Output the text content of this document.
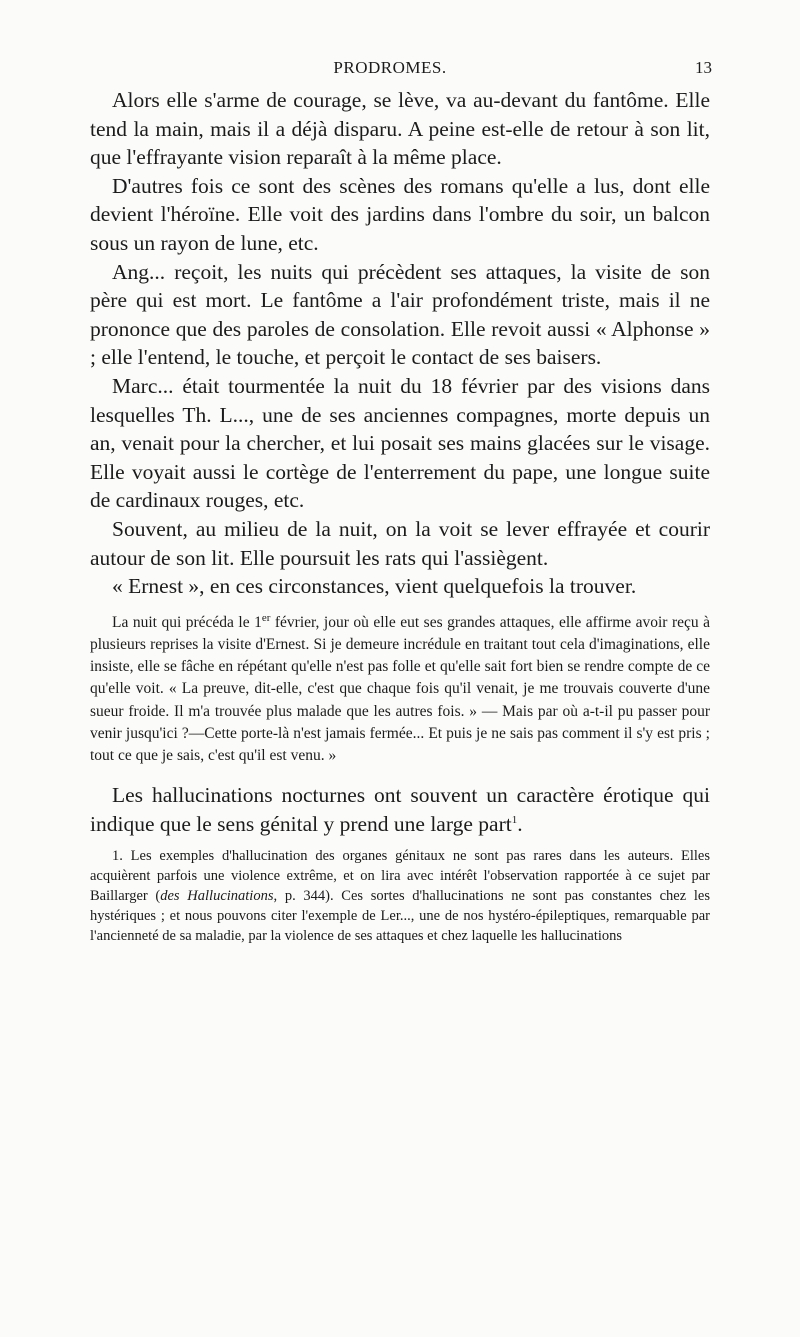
PRODROMES.	13

Alors elle s'arme de courage, se lève, va au-devant du fantôme. Elle tend la main, mais il a déjà disparu. A peine est-elle de retour à son lit, que l'effrayante vision reparaît à la même place.

D'autres fois ce sont des scènes des romans qu'elle a lus, dont elle devient l'héroïne. Elle voit des jardins dans l'ombre du soir, un balcon sous un rayon de lune, etc.

Ang... reçoit, les nuits qui précèdent ses attaques, la visite de son père qui est mort. Le fantôme a l'air profondément triste, mais il ne prononce que des paroles de consolation. Elle revoit aussi « Alphonse » ; elle l'entend, le touche, et perçoit le contact de ses baisers.

Marc... était tourmentée la nuit du 18 février par des visions dans lesquelles Th. L..., une de ses anciennes compagnes, morte depuis un an, venait pour la chercher, et lui posait ses mains glacées sur le visage. Elle voyait aussi le cortège de l'enterrement du pape, une longue suite de cardinaux rouges, etc.

Souvent, au milieu de la nuit, on la voit se lever effrayée et courir autour de son lit. Elle poursuit les rats qui l'assiègent.

« Ernest », en ces circonstances, vient quelquefois la trouver.

La nuit qui précéda le 1er février, jour où elle eut ses grandes attaques, elle affirme avoir reçu à plusieurs reprises la visite d'Ernest. Si je demeure incrédule en traitant tout cela d'imaginations, elle insiste, elle se fâche en répétant qu'elle n'est pas folle et qu'elle sait fort bien se rendre compte de ce qu'elle voit. « La preuve, dit-elle, c'est que chaque fois qu'il venait, je me trouvais couverte d'une sueur froide. Il m'a trouvée plus malade que les autres fois. » — Mais par où a-t-il pu passer pour venir jusqu'ici ?—Cette porte-là n'est jamais fermée... Et puis je ne sais pas comment il s'y est pris ; tout ce que je sais, c'est qu'il est venu. »

Les hallucinations nocturnes ont souvent un caractère érotique qui indique que le sens génital y prend une large part$^1$.

1. Les exemples d'hallucination des organes génitaux ne sont pas rares dans les auteurs. Elles acquièrent parfois une violence extrême, et on lira avec intérêt l'observation rapportée à ce sujet par Baillarger (des Hallucinations, p. 344). Ces sortes d'hallucinations ne sont pas constantes chez les hystériques ; et nous pouvons citer l'exemple de Ler..., une de nos hystéro-épileptiques, remarquable par l'ancienneté de sa maladie, par la violence de ses attaques et chez laquelle les hallucinations
